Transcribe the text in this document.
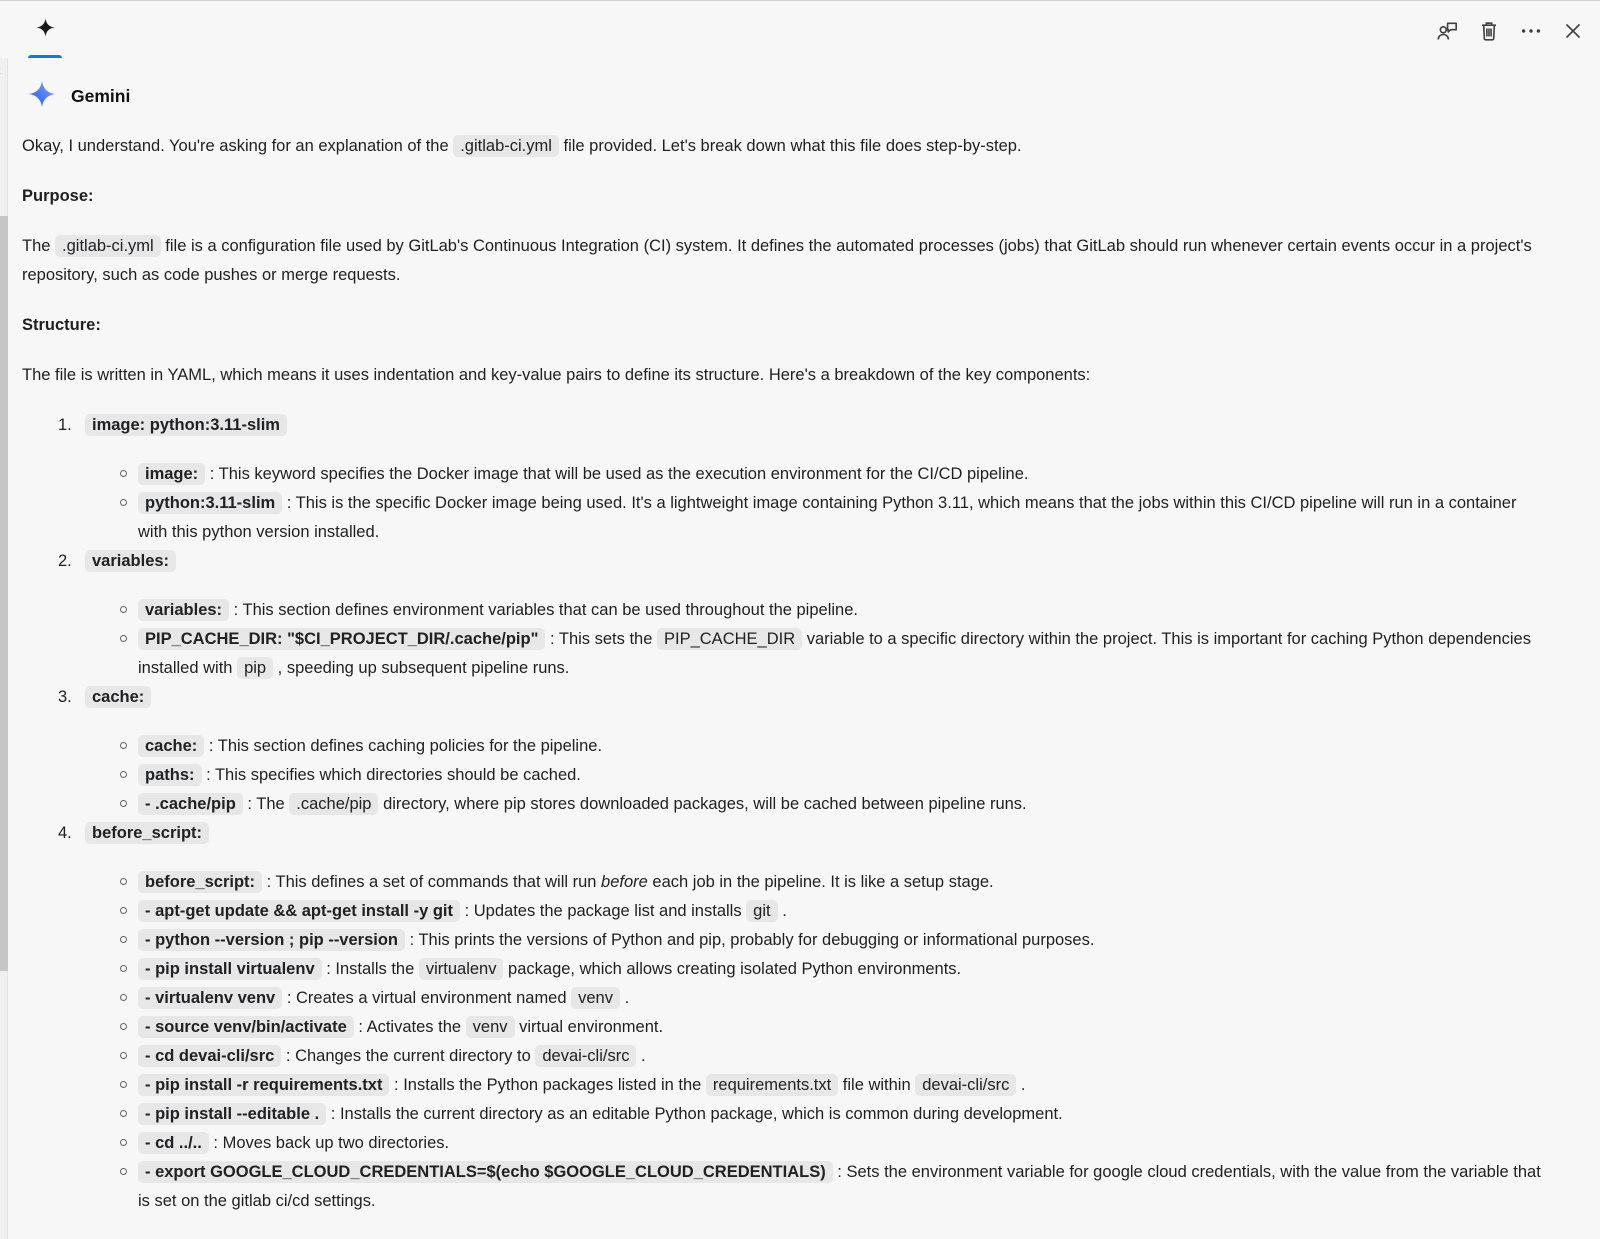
Gemini
Okay, I understand. You're asking for an explanation of the .gitlab-ci.yml file provided. Let's break down what this file does step-by-step.
Purpose:
The .gitlab-ci.yml file is a configuration file used by GitLab's Continuous Integration (CI) system. It defines the automated processes (jobs) that GitLab should run whenever certain events occur in a project's repository, such as code pushes or merge requests.
Structure:
The file is written in YAML, which means it uses indentation and key-value pairs to define its structure. Here's a breakdown of the key components:
1.	image: python:3.11-slim
image: : This keyword specifies the Docker image that will be used as the execution environment for the CI/CD pipeline.
python:3.11-slim : This is the specific Docker image being used. It's a lightweight image containing Python 3.11, which means that the jobs within this CI/CD pipeline will run in a container with this python version installed.
2.	variables:
variables: : This section defines environment variables that can be used throughout the pipeline.
PIP_CACHE_DIR: "$CI_PROJECT_DIR/.cache/pip" : This sets the PIP_CACHE_DIR variable to a specific directory within the project. This is important for caching Python dependencies installed with pip , speeding up subsequent pipeline runs.
3.	cache:
cache: : This section defines caching policies for the pipeline.
paths: : This specifies which directories should be cached.
- .cache/pip : The .cache/pip directory, where pip stores downloaded packages, will be cached between pipeline runs.
4.	before_script:
before_script: : This defines a set of commands that will run before each job in the pipeline. It is like a setup stage.
- apt-get update && apt-get install -y git : Updates the package list and installs git .
- python --version ; pip --version : This prints the versions of Python and pip, probably for debugging or informational purposes.
- pip install virtualenv : Installs the virtualenv package, which allows creating isolated Python environments.
- virtualenv venv : Creates a virtual environment named venv .
- source venv/bin/activate : Activates the venv virtual environment.
- cd devai-cli/src : Changes the current directory to devai-cli/src .
- pip install -r requirements.txt : Installs the Python packages listed in the requirements.txt file within devai-cli/src .
- pip install --editable . : Installs the current directory as an editable Python package, which is common during development.
- cd ../.. : Moves back up two directories.
- export GOOGLE_CLOUD_CREDENTIALS=$(echo $GOOGLE_CLOUD_CREDENTIALS) : Sets the environment variable for google cloud credentials, with the value from the variable that is set on the gitlab ci/cd settings.
